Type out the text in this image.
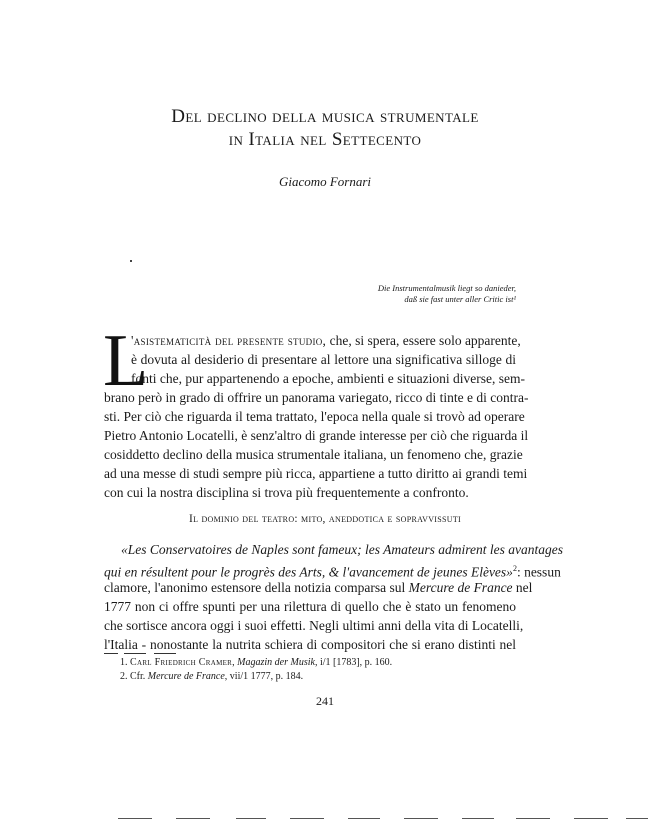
Del declino della musica strumentale
in Italia nel Settecento
Giacomo Fornari
Die Instrumentalmusik liegt so danieder,
daß sie fast unter aller Critic ist¹
L
'asistematicità del presente studio, che, si spera, essere solo apparente,
è dovuta al desiderio di presentare al lettore una significativa silloge di
fonti che, pur appartenendo a epoche, ambienti e situazioni diverse, sem-
brano però in grado di offrire un panorama variegato, ricco di tinte e di contra-
sti. Per ciò che riguarda il tema trattato, l'epoca nella quale si trovò ad operare
Pietro Antonio Locatelli, è senz'altro di grande interesse per ciò che riguarda il
cosiddetto declino della musica strumentale italiana, un fenomeno che, grazie
ad una messe di studi sempre più ricca, appartiene a tutto diritto ai grandi temi
con cui la nostra disciplina si trova più frequentemente a confronto.
Il dominio del teatro: mito, aneddotica e sopravvissuti
«Les Conservatoires de Naples sont fameux; les Amateurs admirent les avantages
qui en résultent pour le progrès des Arts, & l'avancement de jeunes Elèves»$^2$: nessun
clamore, l'anonimo estensore della notizia comparsa sul Mercure de France nel
1777 non ci offre spunti per una rilettura di quello che è stato un fenomeno
che sortisce ancora oggi i suoi effetti. Negli ultimi anni della vita di Locatelli,
l'Italia - nonostante la nutrita schiera di compositori che si erano distinti nel
1. Carl Friedrich Cramer, Magazin der Musik, i/1 [1783], p. 160.
2. Cfr. Mercure de France, vii/1 1777, p. 184.
241
